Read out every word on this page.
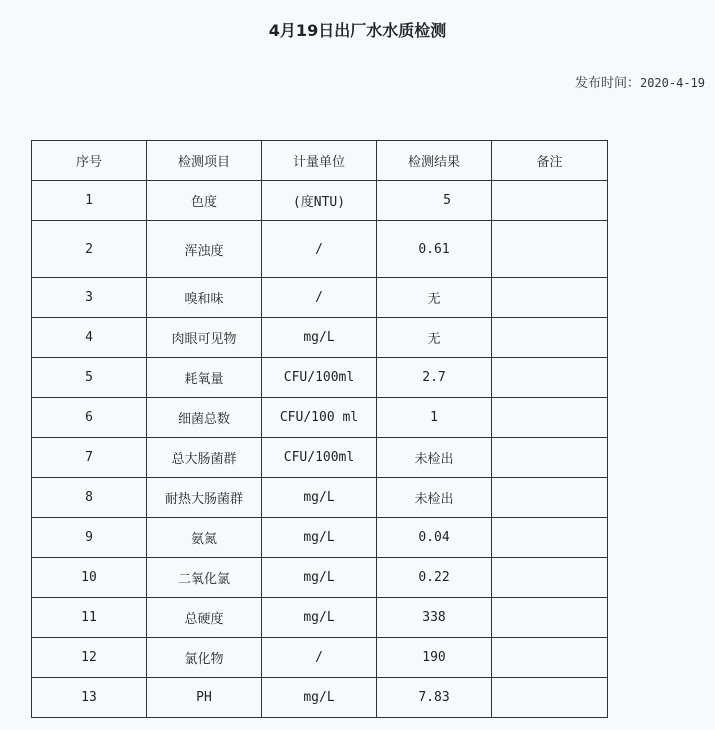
4月19日出厂水水质检测
发布时间：2020-4-19
序号	检测项目	计量单位	检测结果	备注
1	色度	(度NTU)	5	
2	浑浊度	/	0.61	
3	嗅和味	/	无	
4	肉眼可见物	mg/L	无	
5	耗氧量	CFU/100ml	2.7	
6	细菌总数	CFU/100 ml	1	
7	总大肠菌群	CFU/100ml	未检出	
8	耐热大肠菌群	mg/L	未检出	
9	氨氮	mg/L	0.04	
10	二氧化氯	mg/L	0.22	
11	总硬度	mg/L	338	
12	氯化物	/	190	
13	PH	mg/L	7.83	
